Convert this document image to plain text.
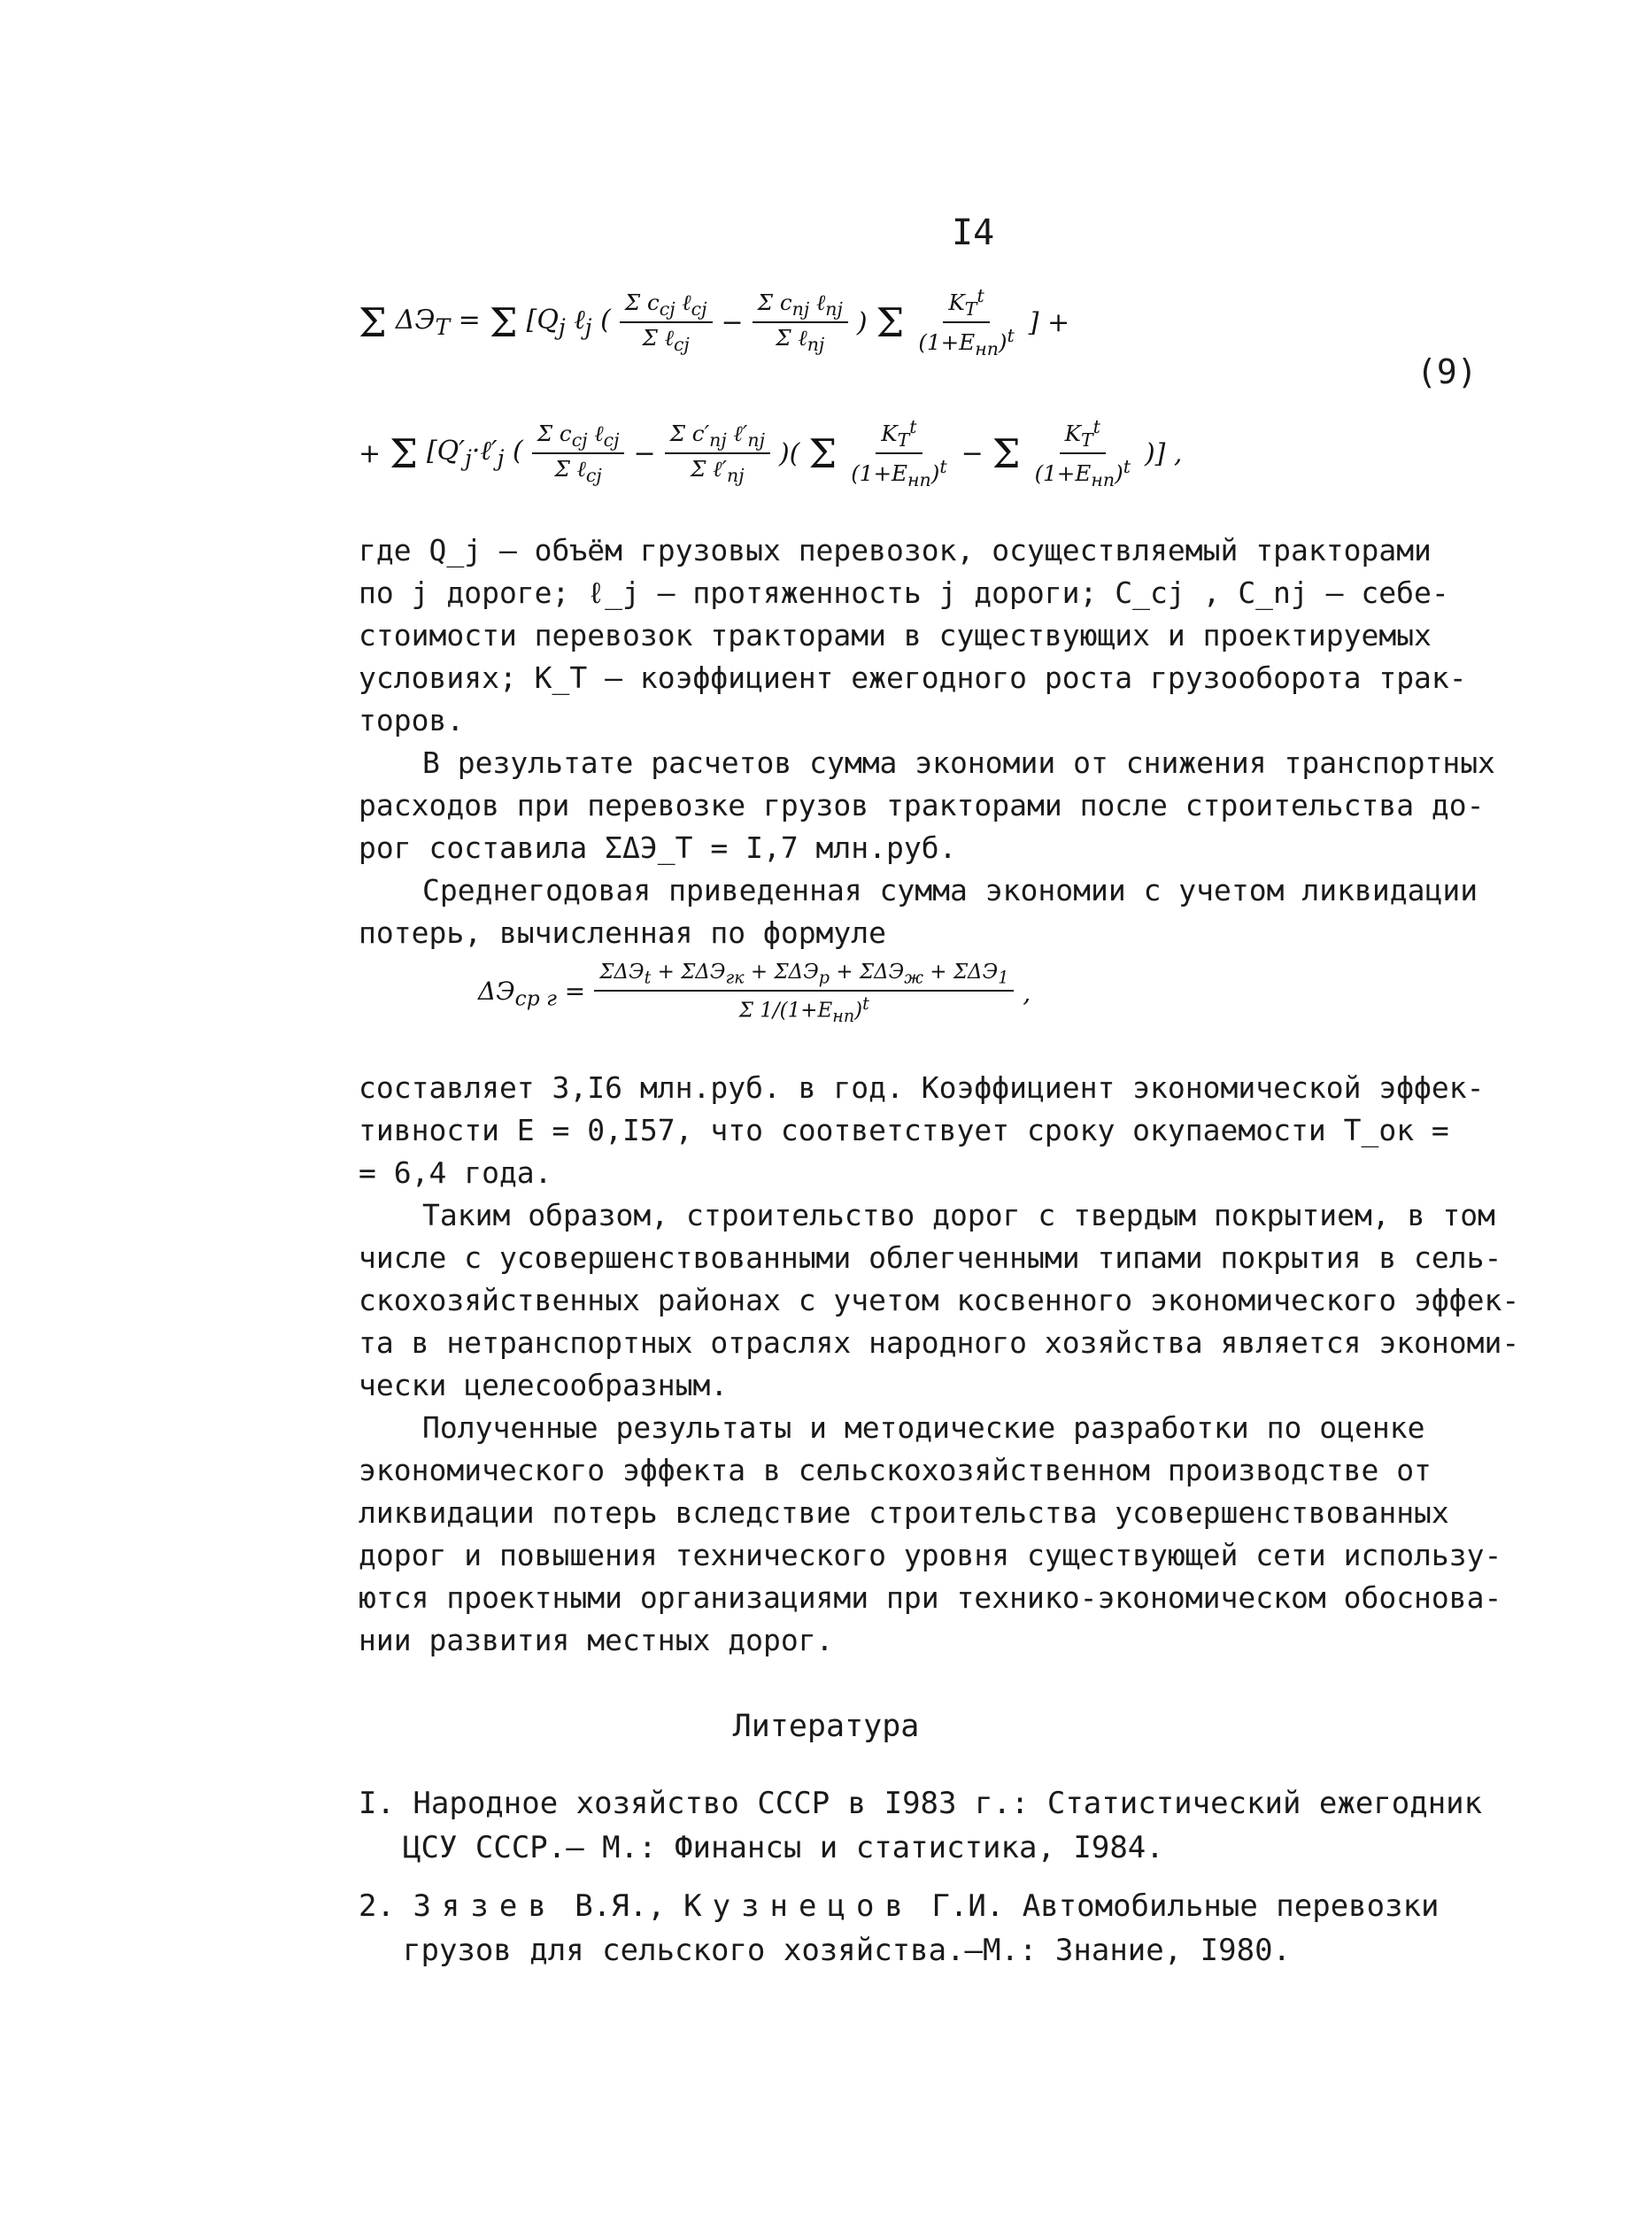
I4
Σ $\Delta Э_T = \Sigma$ [$Q_j$ ℓ$_j$ ( $\frac{\Sigma c_{cj} \ell_{cj}}{\Sigma \ell_{cj}} - \frac{\Sigma c_{nj} \ell_{nj}}{\Sigma \ell_{nj}}$ ) Σ $\frac{K_T^t}{(1+E_{нп})^t}$ ] +
(9)
+ Σ [$Q'_j\cdot\ell'_j$ ( $\frac{\Sigma c_{cj} \ell_{cj}}{\Sigma \ell_{cj}} - \frac{\Sigma c'_{nj} \ell'_{nj}}{\Sigma \ell'_{nj}}$ )( Σ $\frac{K_T^t}{(1+E_{нп})^t} - \Sigma \frac{K_T^t}{(1+E_{нп})^t}$ )] ,

где Q_j – объём грузовых перевозок, осуществляемый тракторами

по j дороге; ℓ_j – протяженность j дороги; C_cj , C_nj – себе-

стоимости перевозок тракторами в существующих и проектируемых

условиях; K_T – коэффициент ежегодного роста грузооборота трак-

торов.

В результате расчетов сумма экономии от снижения транспортных

расходов при перевозке грузов тракторами после строительства до-

рог составила ΣΔЭ_T = I,7 млн.руб.

Среднегодовая приведенная сумма экономии с учетом ликвидации

потерь, вычисленная по формуле

$\Delta Э_{ср г} = \frac{\Sigma\Delta Э_t + \Sigma\Delta Э_{гк} + \Sigma\Delta Э_р + \Sigma\Delta Э_ж + \Sigma\Delta Э_1}{\Sigma 1/(1+E_{нп})^t}$ ,

составляет 3,I6 млн.руб. в год. Коэффициент экономической эффек-

тивности E = 0,I57, что соответствует сроку окупаемости T_ок =

= 6,4 года.

Таким образом, строительство дорог с твердым покрытием, в том

числе с усовершенствованными облегченными типами покрытия в сель-

скохозяйственных районах с учетом косвенного экономического эффек-

та в нетранспортных отраслях народного хозяйства является экономи-

чески целесообразным.

Полученные результаты и методические разработки по оценке

экономического эффекта в сельскохозяйственном производстве от

ликвидации потерь вследствие строительства усовершенствованных

дорог и повышения технического уровня существующей сети использу-

ются проектными организациями при технико-экономическом обоснова-

нии развития местных дорог.

Литература
I. Народное хозяйство СССР в I983 г.: Статистический ежегодник
ЦСУ СССР.– М.: Финансы и статистика, I984.
2. Зязев В.Я., Кузнецов Г.И. Автомобильные перевозки
грузов для сельского хозяйства.–М.: Знание, I980.
